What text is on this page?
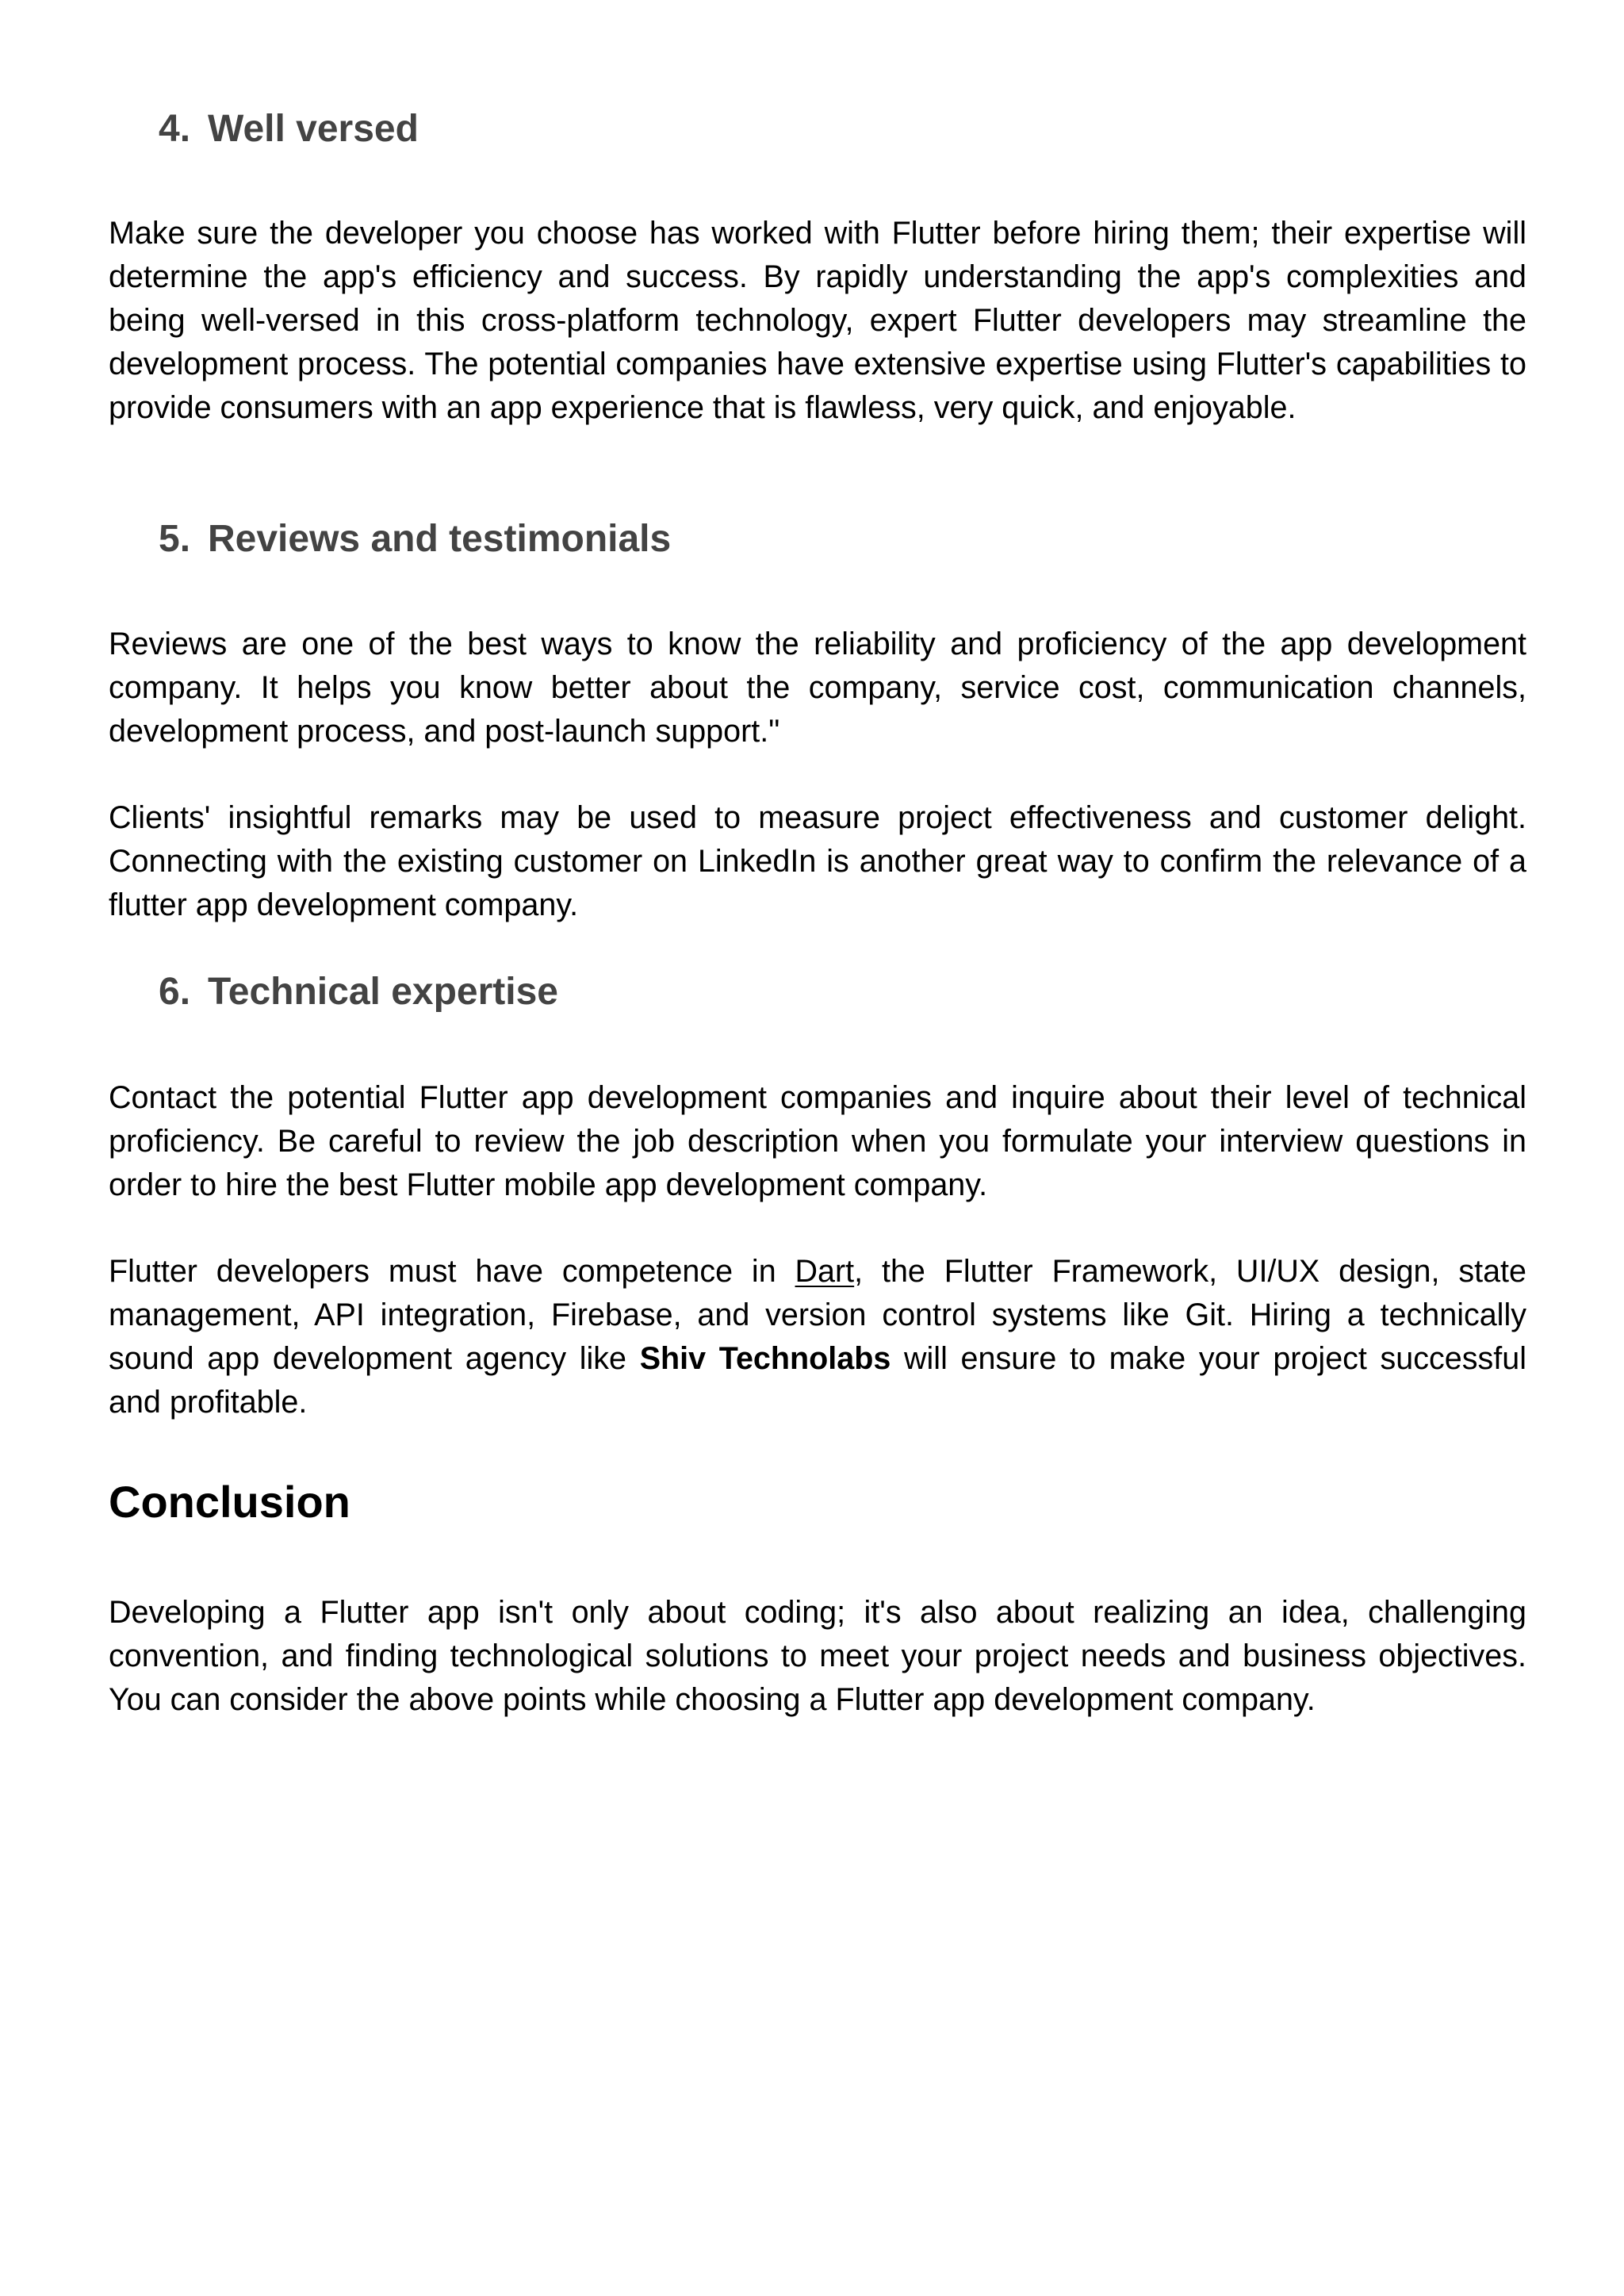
4. Well versed

Make sure the developer you choose has worked with Flutter before hiring them; their expertise will determine the app's efficiency and success. By rapidly understanding the app's complexities and being well-versed in this cross-platform technology, expert Flutter developers may streamline the development process. The potential companies have extensive expertise using Flutter's capabilities to provide consumers with an app experience that is flawless, very quick, and enjoyable.

5. Reviews and testimonials

Reviews are one of the best ways to know the reliability and proficiency of the app development company. It helps you know better about the company, service cost, communication channels, development process, and post-launch support."

Clients' insightful remarks may be used to measure project effectiveness and customer delight. Connecting with the existing customer on LinkedIn is another great way to confirm the relevance of a flutter app development company.

6. Technical expertise

Contact the potential Flutter app development companies and inquire about their level of technical proficiency. Be careful to review the job description when you formulate your interview questions in order to hire the best Flutter mobile app development company.

Flutter developers must have competence in Dart, the Flutter Framework, UI/UX design, state management, API integration, Firebase, and version control systems like Git. Hiring a technically sound app development agency like Shiv Technolabs will ensure to make your project successful and profitable.

Conclusion

Developing a Flutter app isn't only about coding; it's also about realizing an idea, challenging convention, and finding technological solutions to meet your project needs and business objectives. You can consider the above points while choosing a Flutter app development company.
